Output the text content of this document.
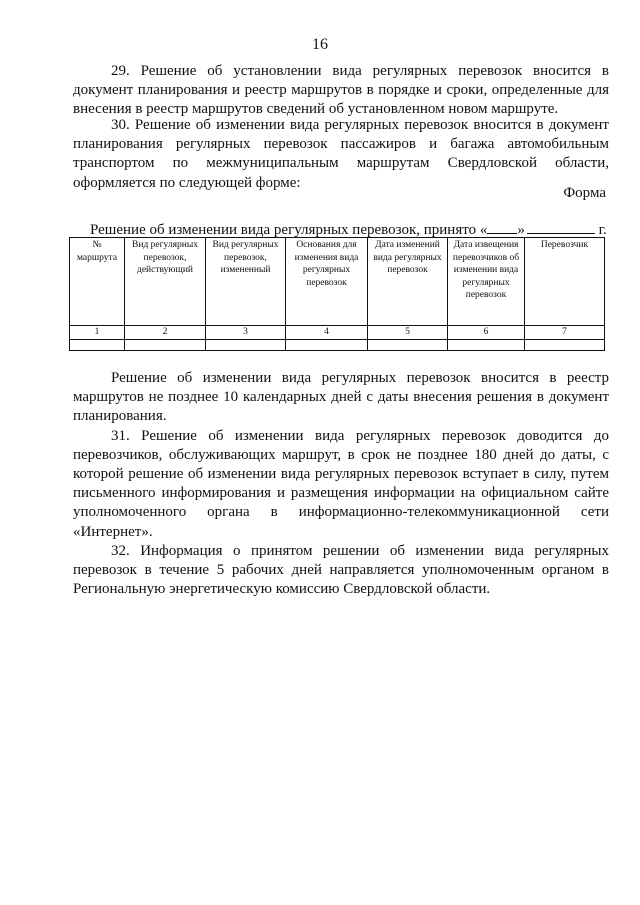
16

29. Решение об установлении вида регулярных перевозок вносится в документ планирования и реестр маршрутов в порядке и сроки, определенные для внесения в реестр маршрутов сведений об установленном новом маршруте.

30. Решение об изменении вида регулярных перевозок вносится в документ планирования регулярных перевозок пассажиров и багажа автомобильным транспортом по межмуниципальным маршрутам Свердловской области, оформляется по следующей форме:

Форма
Решение об изменении вида регулярных перевозок, принято « »	г.
№ маршрута	Вид регулярных перевозок, действующий	Вид регулярных перевозок, измененный	Основания для изменения вида регулярных перевозок	Дата изменений вида регулярных перевозок	Дата извещения перевозчиков об изменении вида регулярных перевозок	Перевозчик
1	2	3	4	5	6	7

Решение об изменении вида регулярных перевозок вносится в реестр маршрутов не позднее 10 календарных дней с даты внесения решения в документ планирования.

31. Решение об изменении вида регулярных перевозок доводится до перевозчиков, обслуживающих маршрут, в срок не позднее 180 дней до даты, с которой решение об изменении вида регулярных перевозок вступает в силу, путем письменного информирования и размещения информации на официальном сайте уполномоченного органа в информационно-телекоммуникационной сети «Интернет».

32. Информация о принятом решении об изменении вида регулярных перевозок в течение 5 рабочих дней направляется уполномоченным органом в Региональную энергетическую комиссию Свердловской области.
